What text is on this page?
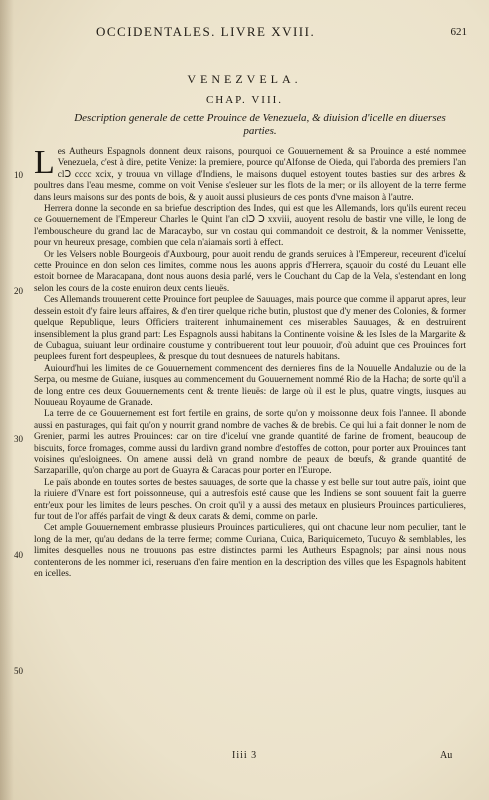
OCCIDENTALES. LIVRE XVIII.	621
VENEZVELA.
CHAP. VIII.
Description generale de cette Prouince de Venezuela, & diuision d'icelle en diuerses parties.
10
20
30
40
50

Les Autheurs Espagnols donnent deux raisons, pourquoi ce Gouuernement & sa Prouince a esté nommee Venezuela, c'est à dire, petite Venize: la premiere, pource qu'Alfonse de Oieda, qui l'aborda des premiers l'an clↃ cccc xcix, y trouua vn village d'Indiens, le maisons duquel estoyent toutes basties sur des arbres & poultres dans l'eau mesme, comme on voit Venise s'esleuer sur les flots de la mer; or ils alloyent de la terre ferme dans leurs maisons sur des ponts de bois, & y auoit aussi plusieurs de ces ponts d'vne maison à l'autre.

Herrera donne la seconde en sa briefue description des Indes, qui est que les Allemands, lors qu'ils eurent receu ce Gouuernement de l'Empereur Charles le Quint l'an clↃ Ↄ xxviii, auoyent resolu de bastir vne ville, le long de l'embouscheure du grand lac de Maracaybo, sur vn costau qui commandoit ce destroit, & la nommer Venissette, pour vn heureux presage, combien que cela n'aiamais sorti à effect.

Or les Velsers noble Bourgeois d'Auxbourg, pour auoit rendu de grands seruices à l'Empereur, receurent d'iceluí cette Prouince en don selon ces limites, comme nous les auons appris d'Herrera, sçauoir du costé du Leuant elle estoit bornee de Maracapana, dont nous auons desia parlé, vers le Couchant du Cap de la Vela, s'estendant en long selon les cours de la coste enuiron deux cents lieuës.

Ces Allemands trouuerent cette Prouince fort peuplee de Sauuages, mais pource que comme il apparut apres, leur dessein estoit d'y faire leurs affaires, & d'en tirer quelque riche butin, plustost que d'y mener des Colonies, & former quelque Republique, leurs Officiers traiterent inhumainement ces miserables Sauuages, & en destruirent insensiblement la plus grand part: Les Espagnols aussi habitans la Continente voisine & les Isles de la Margarite & de Cubagua, suiuant leur ordinaire coustume y contribuerent tout leur pouuoir, d'où aduint que ces Prouinces fort peuplees furent fort despeuplees, & presque du tout desnuees de naturels habitans.

Auiourd'hui les limites de ce Gouuernement commencent des dernieres fins de la Nouuelle Andaluzie ou de la Serpa, ou mesme de Guiane, iusques au commencement du Gouuernement nommé Rio de la Hacha; de sorte qu'il a de long entre ces deux Gouuernements cent & trente lieuës: de large où il est le plus, quatre vingts, iusques au Nouueau Royaume de Granade.

La terre de ce Gouuernement est fort fertile en grains, de sorte qu'on y moissonne deux fois l'annee. Il abonde aussi en pasturages, qui fait qu'on y nourrit grand nombre de vaches & de brebis. Ce qui lui a fait donner le nom de Grenier, parmi les autres Prouinces: car on tire d'iceluí vne grande quantité de farine de froment, beaucoup de biscuits, force fromages, comme aussi du lardivn grand nombre d'estoffes de cotton, pour porter aux Prouinces tant voisines qu'esloignees. On amene aussi delà vn grand nombre de peaux de bœufs, & grande quantité de Sarzaparille, qu'on charge au port de Guayra & Caracas pour porter en l'Europe.

Le païs abonde en toutes sortes de bestes sauuages, de sorte que la chasse y est belle sur tout autre païs, ioint que la riuiere d'Vnare est fort poissonneuse, qui a autresfois esté cause que les Indiens se sont souuent fait la guerre entr'eux pour les limites de leurs pesches. On croit qu'il y a aussi des metaux en plusieurs Prouinces particulieres, fur tout de l'or affés parfait de vingt & deux carats & demi, comme on parle.

Cet ample Gouuernement embrasse plusieurs Prouinces particulieres, qui ont chacune leur nom peculier, tant le long de la mer, qu'au dedans de la terre ferme; comme Curiana, Cuica, Bariquicemeto, Tucuyo & semblables, les limites desquelles nous ne trouuons pas estre distinctes parmi les Autheurs Espagnols; par ainsi nous nous contenterons de les nommer ici, reseruans d'en faire mention en la description des villes que les Espagnols habitent en icelles.

Iiii 3	Au
